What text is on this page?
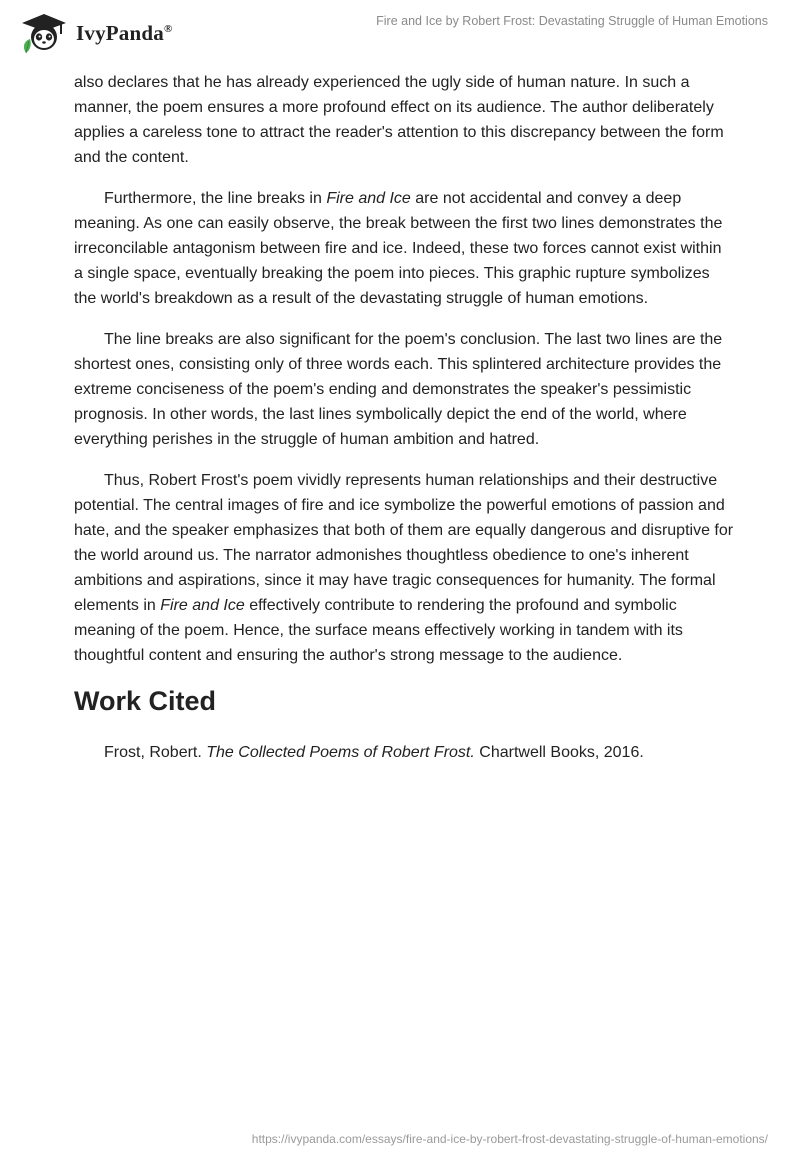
IvyPanda®
Fire and Ice by Robert Frost: Devastating Struggle of Human Emotions

also declares that he has already experienced the ugly side of human nature. In such a manner, the poem ensures a more profound effect on its audience. The author deliberately applies a careless tone to attract the reader's attention to this discrepancy between the form and the content.

Furthermore, the line breaks in Fire and Ice are not accidental and convey a deep meaning. As one can easily observe, the break between the first two lines demonstrates the irreconcilable antagonism between fire and ice. Indeed, these two forces cannot exist within a single space, eventually breaking the poem into pieces. This graphic rupture symbolizes the world's breakdown as a result of the devastating struggle of human emotions.

The line breaks are also significant for the poem's conclusion. The last two lines are the shortest ones, consisting only of three words each. This splintered architecture provides the extreme conciseness of the poem's ending and demonstrates the speaker's pessimistic prognosis. In other words, the last lines symbolically depict the end of the world, where everything perishes in the struggle of human ambition and hatred.

Thus, Robert Frost's poem vividly represents human relationships and their destructive potential. The central images of fire and ice symbolize the powerful emotions of passion and hate, and the speaker emphasizes that both of them are equally dangerous and disruptive for the world around us. The narrator admonishes thoughtless obedience to one's inherent ambitions and aspirations, since it may have tragic consequences for humanity. The formal elements in Fire and Ice effectively contribute to rendering the profound and symbolic meaning of the poem. Hence, the surface means effectively working in tandem with its thoughtful content and ensuring the author's strong message to the audience.

Work Cited

Frost, Robert. The Collected Poems of Robert Frost. Chartwell Books, 2016.

https://ivypanda.com/essays/fire-and-ice-by-robert-frost-devastating-struggle-of-human-emotions/
